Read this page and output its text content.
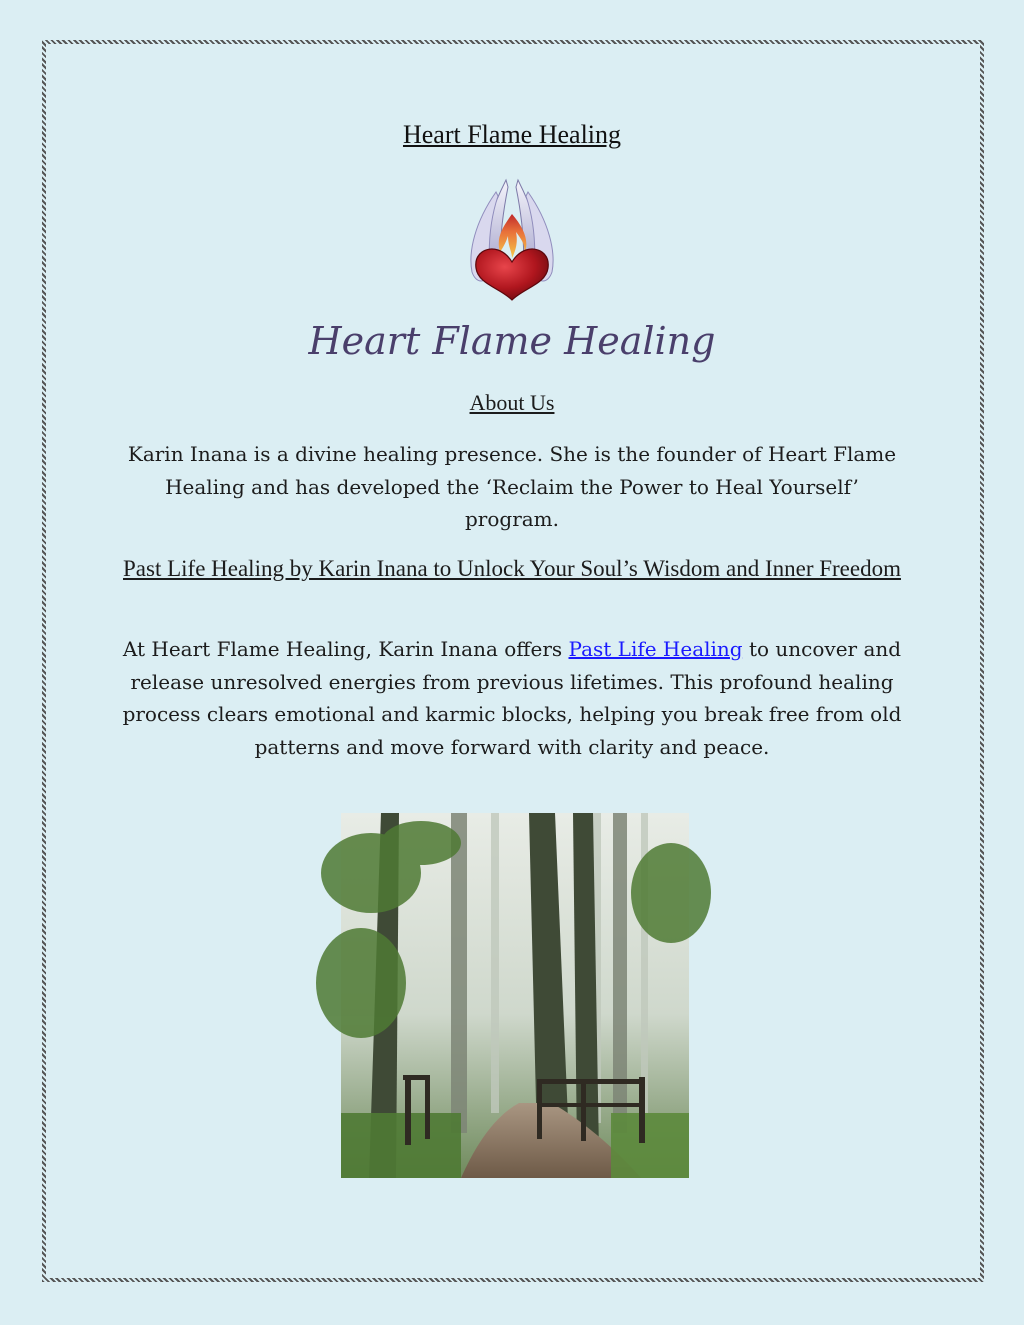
Heart Flame Healing
Heart Flame Healing
About Us
Karin Inana is a divine healing presence. She is the founder of Heart Flame Healing and has developed the ‘Reclaim the Power to Heal Yourself’ program.
Past Life Healing by Karin Inana to Unlock Your Soul’s Wisdom and Inner Freedom
At Heart Flame Healing, Karin Inana offers Past Life Healing to uncover and release unresolved energies from previous lifetimes. This profound healing process clears emotional and karmic blocks, helping you break free from old patterns and move forward with clarity and peace.
